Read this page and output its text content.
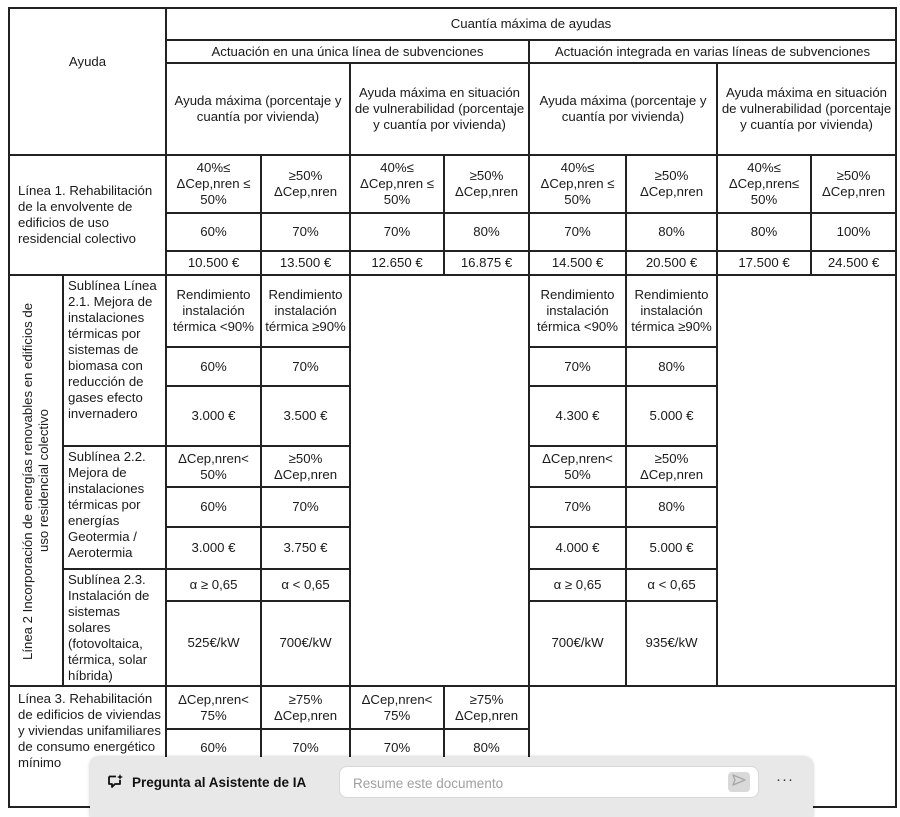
Ayuda		Cuantía máxima de ayudas							
		Actuación en una única línea de subvenciones				Actuación integrada en varias líneas de subvenciones			
		Ayuda máxima (porcentaje y cuantía por vivienda)		Ayuda máxima en situación de vulnerabilidad (porcentaje y cuantía por vivienda)		Ayuda máxima (porcentaje y cuantía por vivienda)		Ayuda máxima en situación de vulnerabilidad (porcentaje y cuantía por vivienda)	
Línea 1. Rehabilitación de la envolvente de edificios de uso residencial colectivo		40%≤ ΔCep,nren ≤ 50%	≥50% ΔCep,nren	40%≤ ΔCep,nren ≤ 50%	≥50% ΔCep,nren	40%≤ ΔCep,nren ≤ 50%	≥50% ΔCep,nren	40%≤ ΔCep,nren≤ 50%	≥50% ΔCep,nren
		60%	70%	70%	80%	70%	80%	80%	100%
		10.500 €	13.500 €	12.650 €	16.875 €	14.500 €	20.500 €	17.500 €	24.500 €

Línea 2 Incorporación de energías renovables en edificios de uso residencial colectivo	Sublínea Línea 2.1. Mejora de instalaciones térmicas por sistemas de biomasa con reducción de gases efecto invernadero	Rendimiento instalación térmica <90%	Rendimiento instalación térmica ≥90%			Rendimiento instalación térmica <90%	Rendimiento instalación térmica ≥90%		
		60%	70%			70%	80%		
		3.000 €	3.500 €			4.300 €	5.000 €		
	Sublínea 2.2. Mejora de instalaciones térmicas por energías Geotermia / Aerotermia	ΔCep,nren< 50%	≥50% ΔCep,nren			ΔCep,nren< 50%	≥50% ΔCep,nren		
		60%	70%			70%	80%		
		3.000 €	3.750 €			4.000 €	5.000 €		
	Sublínea 2.3. Instalación de sistemas solares (fotovoltaica, térmica, solar híbrida)	α ≥ 0,65	α < 0,65			α ≥ 0,65	α < 0,65		
		525€/kW	700€/kW			700€/kW	935€/kW		
Línea 3. Rehabilitación de edificios de viviendas y viviendas unifamiliares de consumo energético mínimo		ΔCep,nren< 75%	≥75% ΔCep,nren	ΔCep,nren< 75%	≥75% ΔCep,nren				
		60%	70%	70%	80%				
Pregunta al Asistente de IA
Resume este documento	···
